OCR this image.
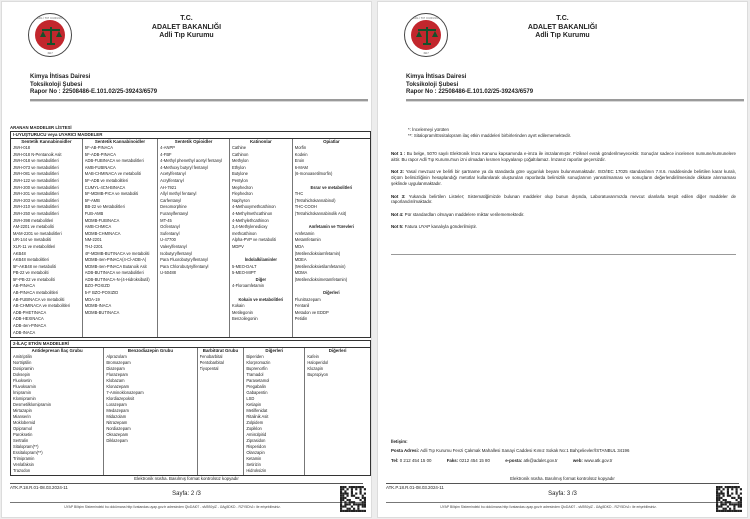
ADLİ TIP KURUMU
1917
T.C.
ADALET BAKANLIĞI
Adli Tıp Kurumu
Kimya İhtisas Dairesi
Toksikoloji Şubesi
Rapor No : 22508486-E.101.02/25-39243/6579
ARANAN MADDELER LİSTESİ
I-UYUŞTURUCU veya UYARICI MADDELER
Sentetik Kannabinoidler
JWH-018
JWH-018 N-Pentanoik Asit
JWH-018 ve metabolitleri
JWH-073 ve metabolitleri
JWH-081 ve metabolitleri
JWH-122 ve metabolitleri
JWH-200 ve metabolitleri
JWH-201 ve metabolitleri
JWH-203 ve metabolitleri
JWH-210 ve metabolitleri
JWH-250 ve metabolitleri
JWH-398 metabolitleri
AM-2201 ve metaboliti
MAM-2201 ve metabolitleri
UR-144 ve metaboliti
XLR-11 ve metabolitleri
AKB48
AKB48 metabolitleri
5F-AKB48 ve metaboliti
PB-22 ve metaboliti
5F-PB-22 ve metaboliti
AB-PINACA
AB-PINACA metabolitleri
AB-FUBINACA ve metaboliti
AB-CHMINACA ve metabolitleri
ADB-PHETINACA
ADB-HEXINACA
ADB-4en-PINACA
ADB-INACA
Sentetik Kannabinoidler
5F-AB-PINACA
5F-ADB-PINACA
ADB-FUBINACA ve metabolitleri
AMB-FUBINACA
MAB-CHMINACA ve metaboliti
5F-ADB ve metabolitleri
CUMYL-4CN-BINACA
5F-MDMB-PICA ve metaboliti
5F-AMB
BB-22 ve Metabolitleri
FUB-AMB
MDMB-FUBINACA
AMB-CHMICA
MDMB-CHMINACA
NM-2201
THJ-2201
4F-MDMB-BUTINACA ve metaboliti
MDMB-4en-PINACA(4-Cl-ADB-A)
MDMB-4en-PINACA Butanoik Asit
ADB-BUTINACA ve metabolitleri
ADB-BUTINACA-N-(4-Hidroksibutil)
BZO-POXIZD
5-F BZO-POXIZID
MDA-19
MDMB-INACA
MDMB-BUTINACA
Sentetik Opioidler
4-ANPP
4-FBF
4-Methyl phenethyl acetyl fentanyl
4-Methoxy butyryl fentanyl
Acetylfentanyl
Acrylfentanyl
AH-7921
Allyl methyl fentanyl
Carfentanyl
Desomorphine
Furanylfentanyl
MT-45
Ocfentanyl
Sufentanyl
U-47700
Valerylfentanyl
Isobutyrylfentanyl
Para Fluorobutyrylfentanyl
Para Chlorobutyrylfentanyl
U-50488
Katinonlar
Cathine
Cathinon
Methylon
Ethylon
Butylone
Pentylon
Mephedron
Flephedron
Naphyron
4-Methoxymethcathinon
4-Methylmethcathinon
4-Methylethcathinon
3,4-Methylenedioxy
methcathinon
Alpha-PVP ve metaboliti
MDPV
İndolalkilaminler
5-MEO-DALT
5-MEO-MIPT
Diğer
4-Floroamfetamin
Kokain ve metabolitleri
Kokain
Metilegonin
Benzoilegonin
Opiatlar
Morfin
Kodein
Eroin
6-MAM
(6-monoasetilmorfin)
Esrar ve metabolitleri
THC
(Tetrahidrokannabinol)
THC-COOH
(Tetrahidrokannabinolik Asit)
Amfetamin ve Türevleri
Amfetamin
Metamfetamin
MDA
(Metilendioksiamfetamin)
MDEA
(Metilendioksietilamfetamin)
MDMA
(Metilendioksimetamfetamin)
Diğerleri
Flunitrazepam
Fentanil
Metadon ve EDDP
Petidin
2-İLAÇ ETKİN MADDELERİ
Antidepresan İlaç Grubu
Amitriptilin
Nortriptilin
Dosipramin
Doksepin
Fluoksetin
Fluvoksamin
İmipramin
Klomipramin
Desmetilklomipramin
Mirtazapin
Mianserin
Moklobemid
Opipramol
Paroksetin
Sertralin
Sitalopram(**)
Essitalopram(**)
Trimipramin
Venlafaksin
Trazodon
Benzodiazepin Grubu
Alprazolam
Bromazepam
Diazepam
Flurazepam
Klobazam
Klonazepam
7-Aminoklonazepam
Klordiazepoksit
Lorazepam
Medazepam
Midazolam
Nitrazepam
Nordiazepam
Oksazepam
Diklazepam
Barbitürat Grubu
Fenobarbital
Pentobarbital
Tiyopental
Diğerleri
Biperiden
Klorpromazin
Buprenorfin
Tramadol
Parasetamol
Pregabalin
Gabapentin
LSD
Ketiapin
Metilfenidat
Ritalinik Asit
Zolpidem
Zopiklon
Amisülpirid
Ziprasidon
Risperidon
Olanzapin
Ketamin
Setirizin
Hidroksizin
Diğerleri
Kafein
Haloperidol
Klozapin
Bupropiyon
Elektronik nüsha. Basılmış format kontrolsüz kopyadır
ATK.P.18.R.01-08.03.2024-11
Sayfa: 2 /3
UYAP Bilişim Sistemindeki bu dokümana http://vatandas.uyap.gov.tr adresinden QlcDAI07 - sM59JyiZ - lJAg5DKD - RZY5DhJ= ile erişebilirsiniz.
ADLİ TIP KURUMU
1917
T.C.
ADALET BAKANLIĞI
Adli Tıp Kurumu
Kimya İhtisas Dairesi
Toksikoloji Şubesi
Rapor No : 22508486-E.101.02/25-39243/6579
*: İncelemeyi yürüten
**: Sitalopram/Essitalopram ilaç etkin maddeleri birbirlerinden ayırt edilememektedir.
Not 1 : Bu belge, 5070 sayılı Elektronik İmza Kanunu kapsamında e-imza ile imzalanmıştır. Fiziksel evrak gönderilmeyecektir. Sonuçlar sadece incelenen numune/numunelere aittir. Bu rapor Adli Tıp Kurumu'nun izni olmadan kısmen kopyalanıp çoğaltılamaz. İmzasız raporlar geçersizdir.
Not 2: Yasal mevzuat ve belirli bir şartname ya da standarda göre uygunluk beyanı bulunmamaktadır. ISO/IEC 17025 standardının 7.8.6. maddesinde belirtilen karar kuralı, ölçüm belirsizliğinin hesaplandığı metotlar kullanılarak oluşturulan raporlarda belirsizlik sonuçlarının yansıtılmaması ve sonuçların değerlendirilmesinde dikkate alınmaması şeklinde uygulanmaktadır.
Not 3: Yukarıda belirtilen Listeler; Sistematiğimizde bulunan maddeler olup bunun dışında, Laboratuvarımızda mevcut olanlarla tespit edilen diğer maddeler de raporlandırılmaktadır.
Not 4: Pür standardları olmayan maddelere miktar verilememektedir.
Not 5: Fatura UYAP kanalıyla gönderilmiştir.
İletişim:
Posta Adresi: Adli Tıp Kurumu Fevzi Çakmak Mahallesi Sanayi Caddesi Kımız Sokak No:1 Bahçelievler/İSTANBUL 34196
Tel: 0 212 454 15 00	Faks: 0212 454 15 80	e-posta: atk@adalet.gov.tr	web: www.atk.gov.tr
Elektronik nüsha. Basılmış format kontrolsüz kopyadır
ATK.P.18.R.01-08.03.2024-11
Sayfa: 3 /3
UYAP Bilişim Sistemindeki bu dokümana http://vatandas.uyap.gov.tr adresinden QlcDAI07 - sM59JyiZ - lJAg5DKD - RZY5DhJ= ile erişebilirsiniz.
